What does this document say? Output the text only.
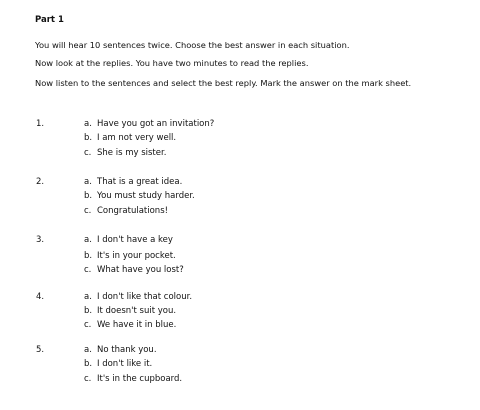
Part 1
You will hear 10 sentences twice. Choose the best answer in each situation.
Now look at the replies. You have two minutes to read the replies.
Now listen to the sentences and select the best reply. Mark the answer on the mark sheet.
1.	a. Have you got an invitation?
b. I am not very well.
c. She is my sister.
2.	a. That is a great idea.
b. You must study harder.
c. Congratulations!
3.	a. I don't have a key
b. It's in your pocket.
c. What have you lost?
4.	a. I don't like that colour.
b. It doesn't suit you.
c. We have it in blue.
5.	a. No thank you.
b. I don't like it.
c. It's in the cupboard.
